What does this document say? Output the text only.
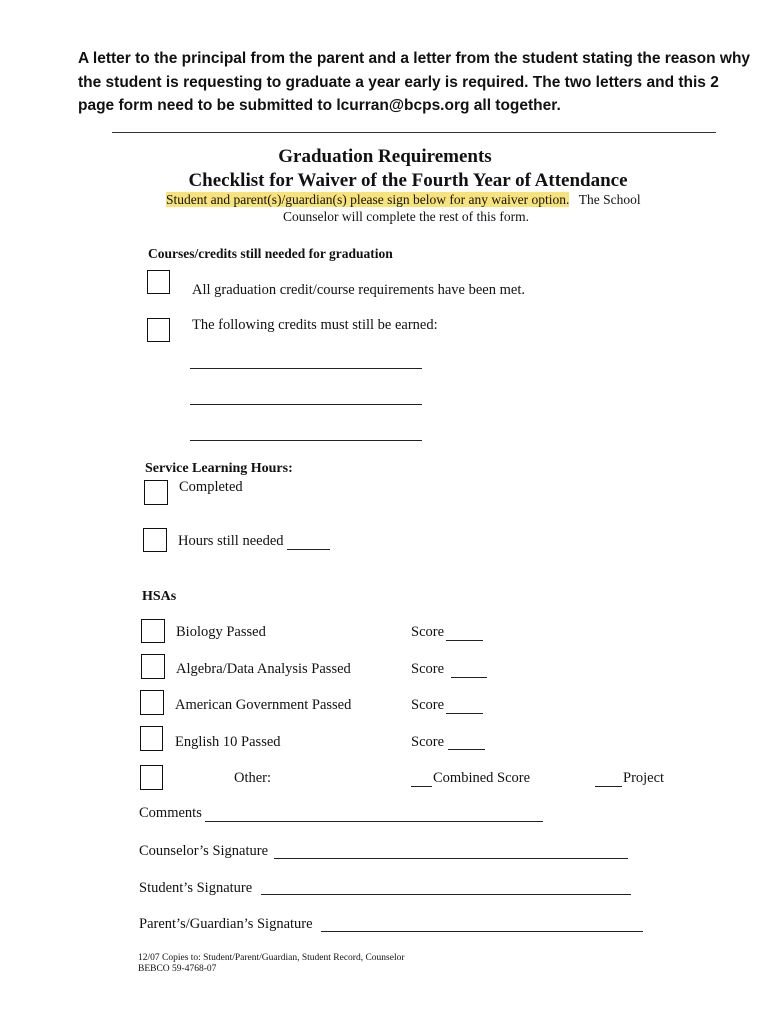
A letter to the principal from the parent and a letter from the student stating the reason why
the student is requesting to graduate a year early is required. The two letters and this 2
page form need to be submitted to lcurran@bcps.org all together.
Graduation Requirements
Checklist for Waiver of the Fourth Year of Attendance
Student and parent(s)/guardian(s) please sign below for any waiver option. The School
Counselor will complete the rest of this form.
Courses/credits still needed for graduation
All graduation credit/course requirements have been met.
The following credits must still be earned:
Service Learning Hours:
Completed
Hours still needed
HSAs
Biology Passed	Score
Algebra/Data Analysis Passed	Score
American Government Passed	Score
English 10 Passed	Score
Other:	Combined Score	Project
Comments
Counselor’s Signature
Student’s Signature
Parent’s/Guardian’s Signature
12/07 Copies to: Student/Parent/Guardian, Student Record, Counselor
BEBCO 59-4768-07
